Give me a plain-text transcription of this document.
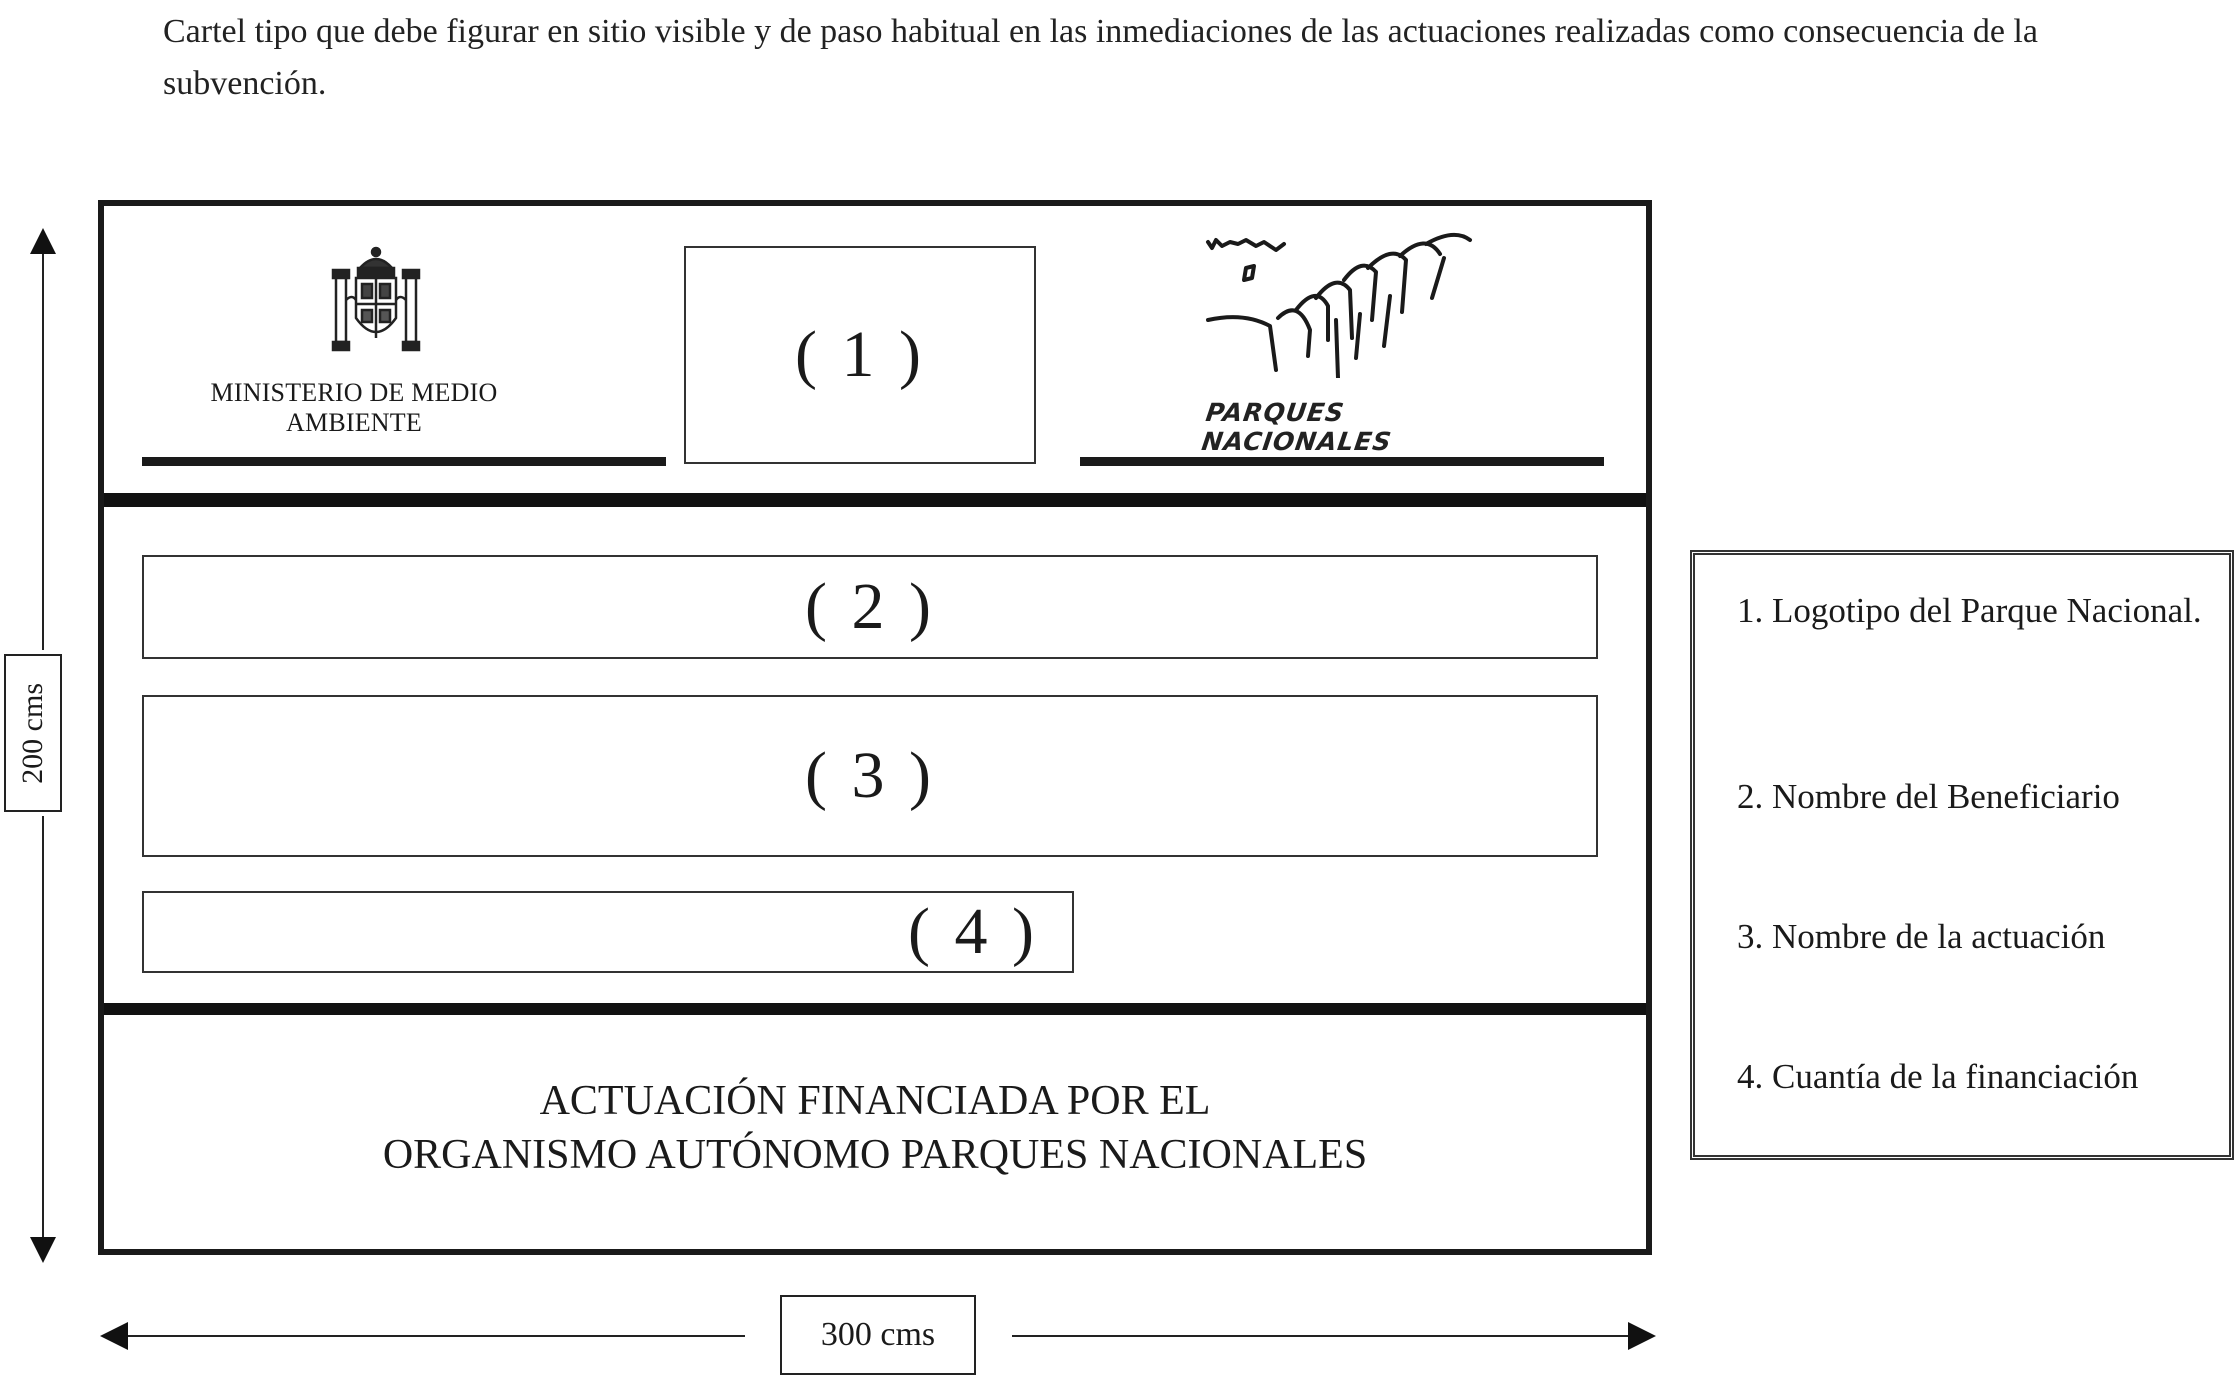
Cartel tipo que debe figurar en sitio visible y de paso habitual en las inmediaciones de las actuaciones realizadas como consecuencia de la subvención.
200 cms
MINISTERIO DE MEDIO AMBIENTE
( 1 )
PARQUES NACIONALES
( 2 )
( 3 )
( 4 )
ACTUACIÓN FINANCIADA POR EL
ORGANISMO AUTÓNOMO PARQUES NACIONALES
300 cms
1. Logotipo del Parque Nacional.
2. Nombre del Beneficiario
3. Nombre de la actuación
4. Cuantía de la financiación
